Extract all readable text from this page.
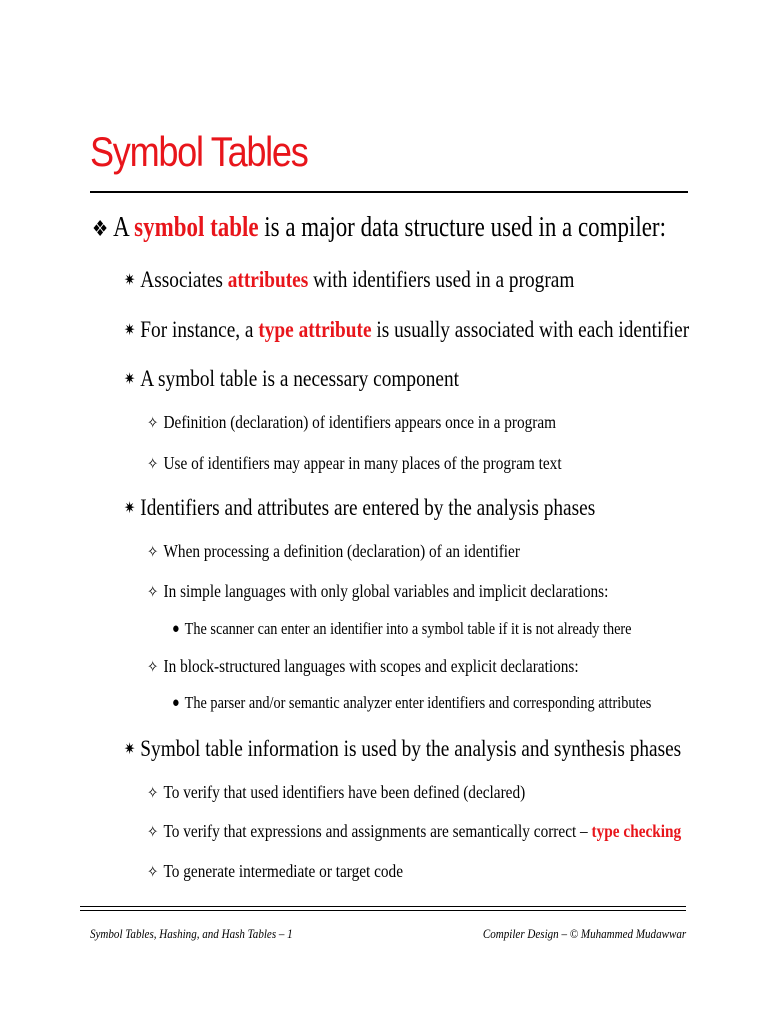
Symbol Tables
❖ A symbol table is a major data structure used in a compiler:
✷ Associates attributes with identifiers used in a program
✷ For instance, a type attribute is usually associated with each identifier
✷ A symbol table is a necessary component
✧ Definition (declaration) of identifiers appears once in a program
✧ Use of identifiers may appear in many places of the program text
✷ Identifiers and attributes are entered by the analysis phases
✧ When processing a definition (declaration) of an identifier
✧ In simple languages with only global variables and implicit declarations:
● The scanner can enter an identifier into a symbol table if it is not already there
✧ In block-structured languages with scopes and explicit declarations:
● The parser and/or semantic analyzer enter identifiers and corresponding attributes
✷ Symbol table information is used by the analysis and synthesis phases
✧ To verify that used identifiers have been defined (declared)
✧ To verify that expressions and assignments are semantically correct – type checking
✧ To generate intermediate or target code
Symbol Tables, Hashing, and Hash Tables – 1	Compiler Design – © Muhammed Mudawwar
